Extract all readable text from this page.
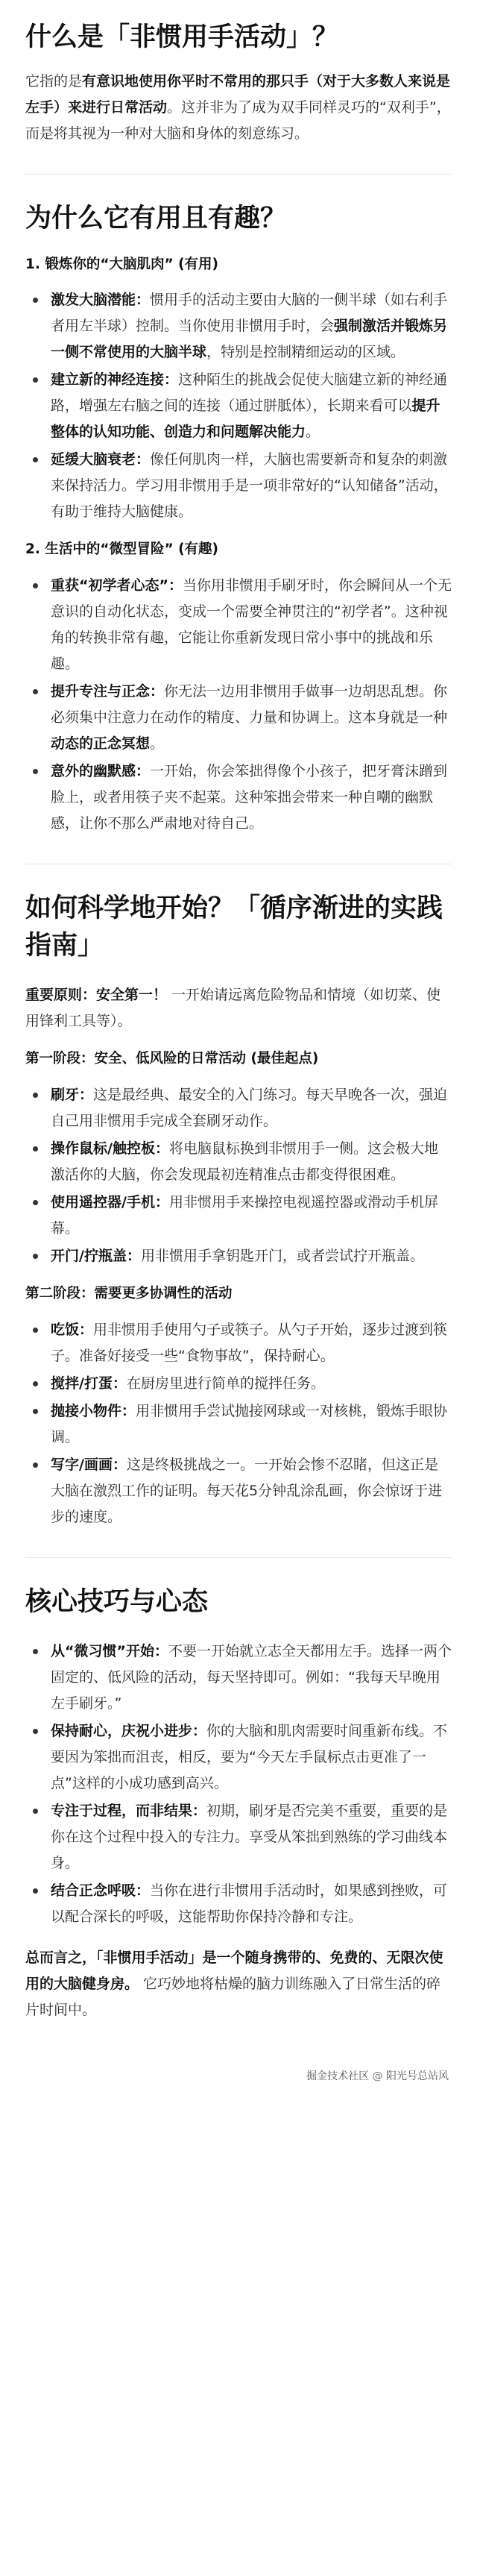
什么是「非惯用手活动」？
它指的是有意识地使用你平时不常用的那只手（对于大多数人来说是左手）来进行日常活动。这并非为了成为双手同样灵巧的“双利手”，而是将其视为一种对大脑和身体的刻意练习。
为什么它有用且有趣？
1. 锻炼你的“大脑肌肉” (有用)
激发大脑潜能：惯用手的活动主要由大脑的一侧半球（如右利手者用左半球）控制。当你使用非惯用手时，会强制激活并锻炼另一侧不常使用的大脑半球，特别是控制精细运动的区域。
建立新的神经连接：这种陌生的挑战会促使大脑建立新的神经通路，增强左右脑之间的连接（通过胼胝体），长期来看可以提升整体的认知功能、创造力和问题解决能力。
延缓大脑衰老：像任何肌肉一样，大脑也需要新奇和复杂的刺激来保持活力。学习用非惯用手是一项非常好的“认知储备”活动，有助于维持大脑健康。
2. 生活中的“微型冒险” (有趣)
重获“初学者心态”：当你用非惯用手刷牙时，你会瞬间从一个无意识的自动化状态，变成一个需要全神贯注的“初学者”。这种视角的转换非常有趣，它能让你重新发现日常小事中的挑战和乐趣。
提升专注与正念：你无法一边用非惯用手做事一边胡思乱想。你必须集中注意力在动作的精度、力量和协调上。这本身就是一种动态的正念冥想。
意外的幽默感：一开始，你会笨拙得像个小孩子，把牙膏沫蹭到脸上，或者用筷子夹不起菜。这种笨拙会带来一种自嘲的幽默感，让你不那么严肃地对待自己。
如何科学地开始？「循序渐进的实践指南」
重要原则：安全第一！ 一开始请远离危险物品和情境（如切菜、使用锋利工具等）。
第一阶段：安全、低风险的日常活动 (最佳起点)
刷牙：这是最经典、最安全的入门练习。每天早晚各一次，强迫自己用非惯用手完成全套刷牙动作。
操作鼠标/触控板：将电脑鼠标换到非惯用手一侧。这会极大地激活你的大脑，你会发现最初连精准点击都变得很困难。
使用遥控器/手机：用非惯用手来操控电视遥控器或滑动手机屏幕。
开门/拧瓶盖：用非惯用手拿钥匙开门，或者尝试拧开瓶盖。
第二阶段：需要更多协调性的活动
吃饭：用非惯用手使用勺子或筷子。从勺子开始，逐步过渡到筷子。准备好接受一些“食物事故”，保持耐心。
搅拌/打蛋：在厨房里进行简单的搅拌任务。
抛接小物件：用非惯用手尝试抛接网球或一对核桃，锻炼手眼协调。
写字/画画：这是终极挑战之一。一开始会惨不忍睹，但这正是大脑在激烈工作的证明。每天花5分钟乱涂乱画，你会惊讶于进步的速度。
核心技巧与心态
从“微习惯”开始：不要一开始就立志全天都用左手。选择一两个固定的、低风险的活动，每天坚持即可。例如：“我每天早晚用左手刷牙。”
保持耐心，庆祝小进步：你的大脑和肌肉需要时间重新布线。不要因为笨拙而沮丧，相反，要为“今天左手鼠标点击更准了一点”这样的小成功感到高兴。
专注于过程，而非结果：初期，刷牙是否完美不重要，重要的是你在这个过程中投入的专注力。享受从笨拙到熟练的学习曲线本身。
结合正念呼吸：当你在进行非惯用手活动时，如果感到挫败，可以配合深长的呼吸，这能帮助你保持冷静和专注。
总而言之，「非惯用手活动」是一个随身携带的、免费的、无限次使用的大脑健身房。 它巧妙地将枯燥的脑力训练融入了日常生活的碎片时间中。
掘金技术社区 @ 阳光号总站风
